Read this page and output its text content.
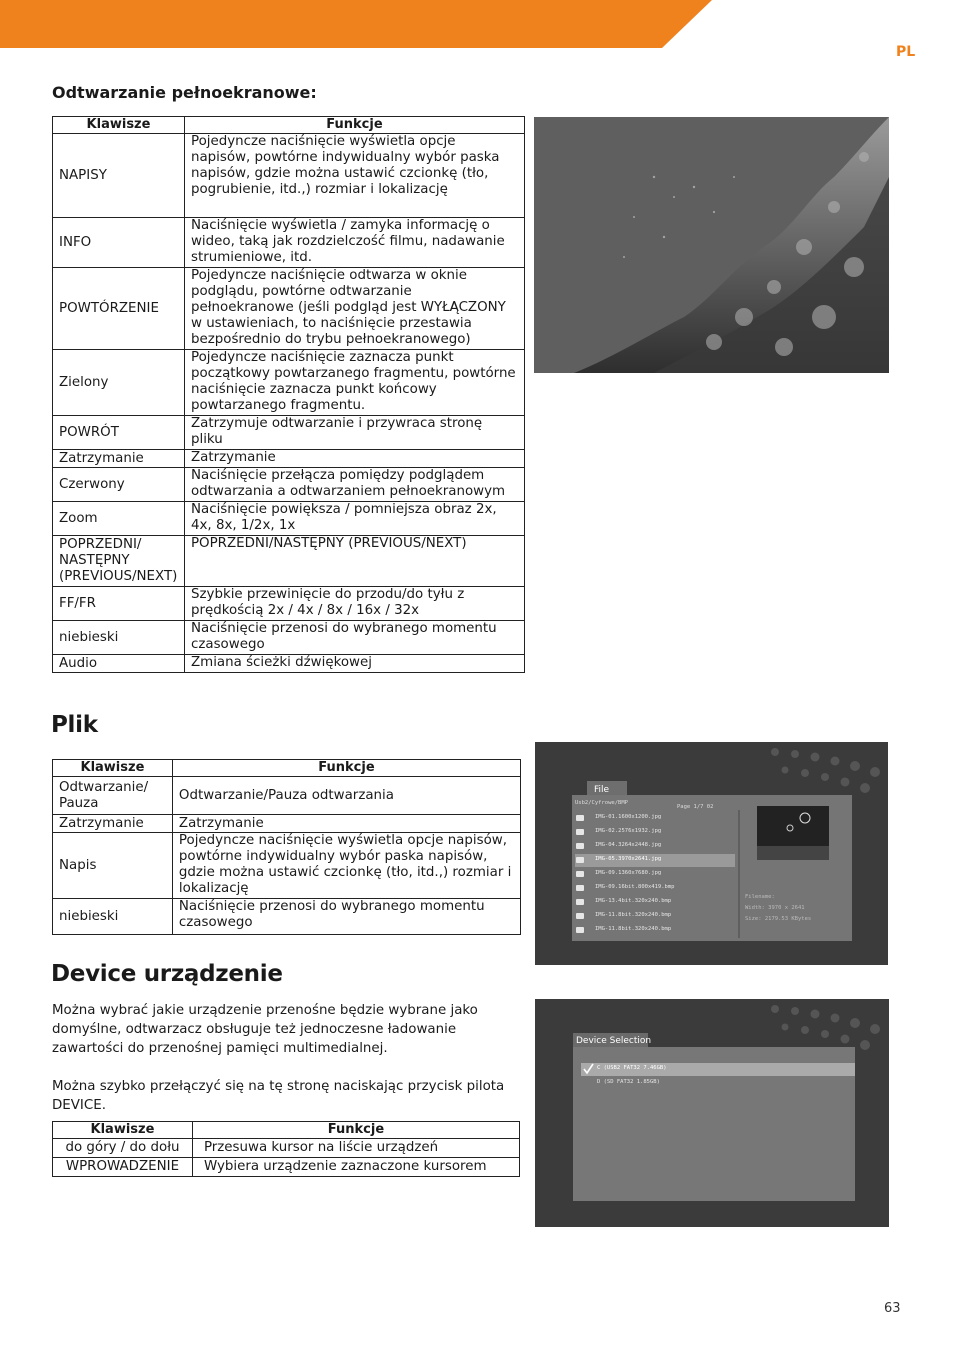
PL
Odtwarzanie pełnoekranowe:
Klawisze	Funkcje
NAPISY	Pojedyncze naciśnięcie wyświetla opcje napisów, powtórne indywidualny wybór paska napisów, gdzie można ustawić czcionkę (tło, pogrubienie, itd.,) rozmiar i lokalizację
INFO	Naciśnięcie wyświetla / zamyka informację o wideo, taką jak rozdzielczość filmu, nadawanie strumieniowe, itd.
POWTÓRZENIE	Pojedyncze naciśnięcie odtwarza w oknie podglądu, powtórne odtwarzanie pełnoekranowe (jeśli podgląd jest WYŁĄCZONY w ustawieniach, to naciśnięcie przestawia bezpośrednio do trybu pełnoekranowego)
Zielony	Pojedyncze naciśnięcie zaznacza punkt początkowy powtarzanego fragmentu, powtórne naciśnięcie zaznacza punkt końcowy powtarzanego fragmentu.
POWRÓT	Zatrzymuje odtwarzanie i przywraca stronę pliku
Zatrzymanie	Zatrzymanie
Czerwony	Naciśnięcie przełącza pomiędzy podglądem odtwarzania a odtwarzaniem pełnoekranowym
Zoom	Naciśnięcie powiększa / pomniejsza obraz 2x, 4x, 8x, 1/2x, 1x
POPRZEDNI/ NASTĘPNY (PREVIOUS/NEXT)	POPRZEDNI/NASTĘPNY (PREVIOUS/NEXT)
FF/FR	Szybkie przewinięcie do przodu/do tyłu z prędkością 2x / 4x / 8x / 16x / 32x
niebieski	Naciśnięcie przenosi do wybranego momentu czasowego
Audio	Zmiana ścieżki dźwiękowej
Plik
Klawisze	Funkcje
Odtwarzanie/ Pauza	Odtwarzanie/Pauza odtwarzania
Zatrzymanie	Zatrzymanie
Napis	Pojedyncze naciśnięcie wyświetla opcje napisów, powtórne indywidualny wybór paska napisów, gdzie można ustawić czcionkę (tło, itd.,) rozmiar i lokalizację
niebieski	Naciśnięcie przenosi do wybranego momentu czasowego
File
Usb2/Cyfrowe/BMP
Page 1/7 02
IMG-01.1600x1200.jpg
IMG-02.2576x1932.jpg
IMG-04.3264x2448.jpg
IMG-05.3970x2641.jpg
IMG-09.1360x7680.jpg
IMG-09.16bit.800x419.bmp
IMG-13.4bit.320x240.bmp
IMG-11.8bit.320x240.bmp
IMG-11.8bit.320x240.bmp
Filename:
Width: 3970 x 2641
Size: 2179.53 KBytes
Device urządzenie
Można wybrać jakie urządzenie przenośne będzie wybrane jako domyślne, odtwarzacz obsługuje też jednoczesne ładowanie zawartości do przenośnej pamięci multimedialnej.
Można szybko przełączyć się na tę stronę naciskając przycisk pilota DEVICE.
Klawisze	Funkcje
do góry / do dołu	Przesuwa kursor na liście urządzeń
WPROWADZENIE	Wybiera urządzenie zaznaczone kursorem
Device Selection
C (USB2 FAT32 7.46GB)
D (SD FAT32 1.85GB)
63
